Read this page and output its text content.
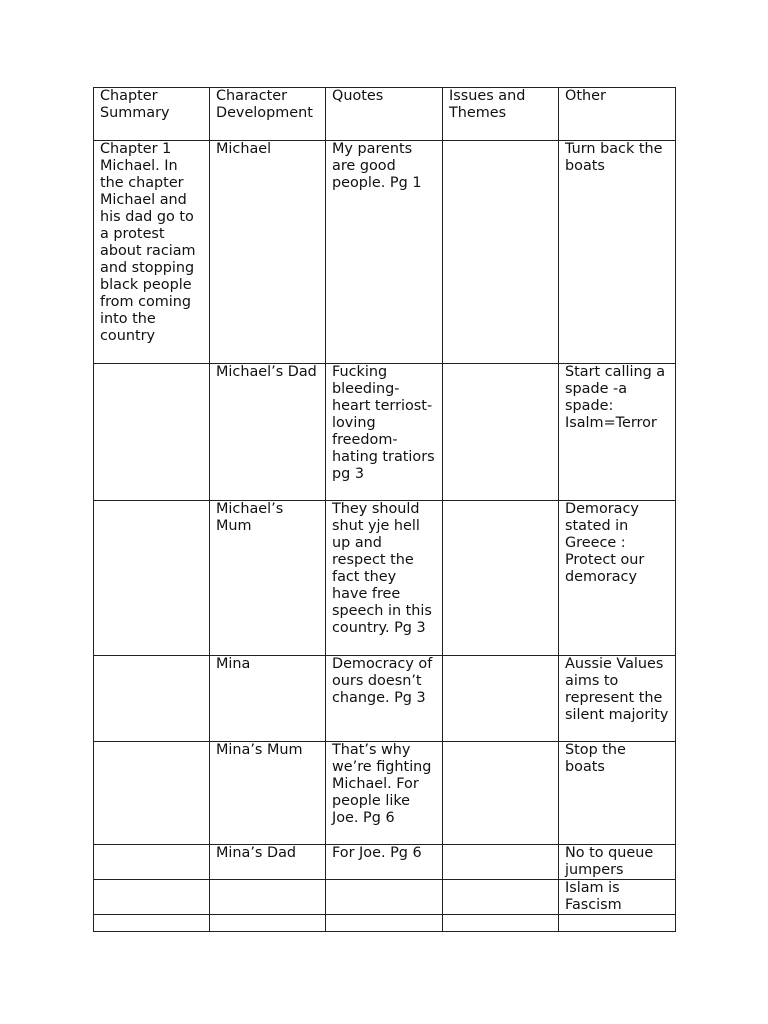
Chapter Summary	Character Development	Quotes	Issues and Themes	Other

Chapter 1 Michael. In the chapter Michael and his dad go to a protest about raciam and stopping black people from coming into the country	Michael	My parents are good people. Pg 1		Turn back the boats

	Michael’s Dad	Fucking bleeding-heart terriost-loving freedom-hating tratiors pg 3		Start calling a spade -a spade: Isalm=Terror

	Michael’s Mum	They should shut yje hell up and respect the fact they have free speech in this country. Pg 3		Demoracy stated in Greece : Protect our demoracy

	Mina	Democracy of ours doesn’t change. Pg 3		Aussie Values aims to represent the silent majority

	Mina’s Mum	That’s why we’re fighting Michael. For people like Joe. Pg 6		Stop the boats

	Mina’s Dad	For Joe. Pg 6		No to queue jumpers

				Islam is Fascism
